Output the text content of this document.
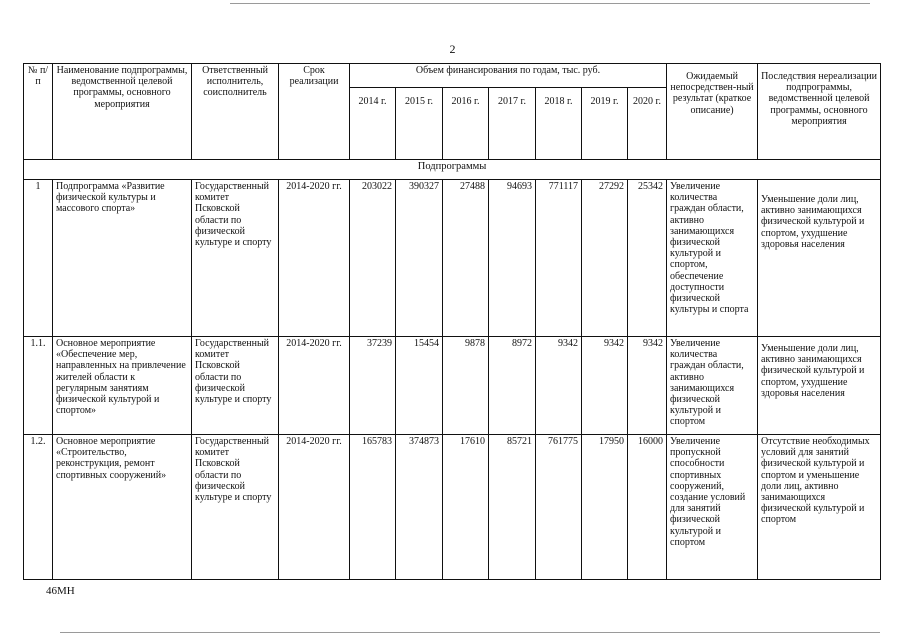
2
№ п/п	Наименование подпрограммы, ведомственной целевой программы, основного мероприятия	Ответственный исполнитель, соисполнитель	Срок реализации	Объем финансирования по годам, тыс. руб.							Ожидаемый непосредствен-ный результат (краткое описание)	Последствия нереализации подпрограммы, ведомственной целевой программы, основного мероприятия
				2014 г.	2015 г.	2016 г.	2017 г.	2018 г.	2019 г.	2020 г.		
Подпрограммы												
1	Подпрограмма «Развитие физической культуры и массового спорта»	Государственный комитет Псковской области по физической культуре и спорту	2014-2020 гг.	203022	390327	27488	94693	771117	27292	25342	Увеличение количества граждан области, активно занимающихся физической культурой и спортом, обеспечение доступности физической культуры и спорта	Уменьшение доли лиц, активно занимающихся физической культурой и спортом, ухудшение здоровья населения
1.1.	Основное мероприятие «Обеспечение мер, направленных на привлечение жителей области к регулярным занятиям физической культурой и спортом»	Государственный комитет Псковской области по физической культуре и спорту	2014-2020 гг.	37239	15454	9878	8972	9342	9342	9342	Увеличение количества граждан области, активно занимающихся физической культурой и спортом	Уменьшение доли лиц, активно занимающихся физической культурой и спортом, ухудшение здоровья населения
1.2.	Основное мероприятие «Строительство, реконструкция, ремонт спортивных сооружений»	Государственный комитет Псковской области по физической культуре и спорту	2014-2020 гг.	165783	374873	17610	85721	761775	17950	16000	Увеличение пропускной способности спортивных сооружений, создание условий для занятий физической культурой и спортом	Отсутствие необходимых условий для занятий физической культурой и спортом и уменьшение доли лиц, активно занимающихся физической культурой и спортом
46МН
